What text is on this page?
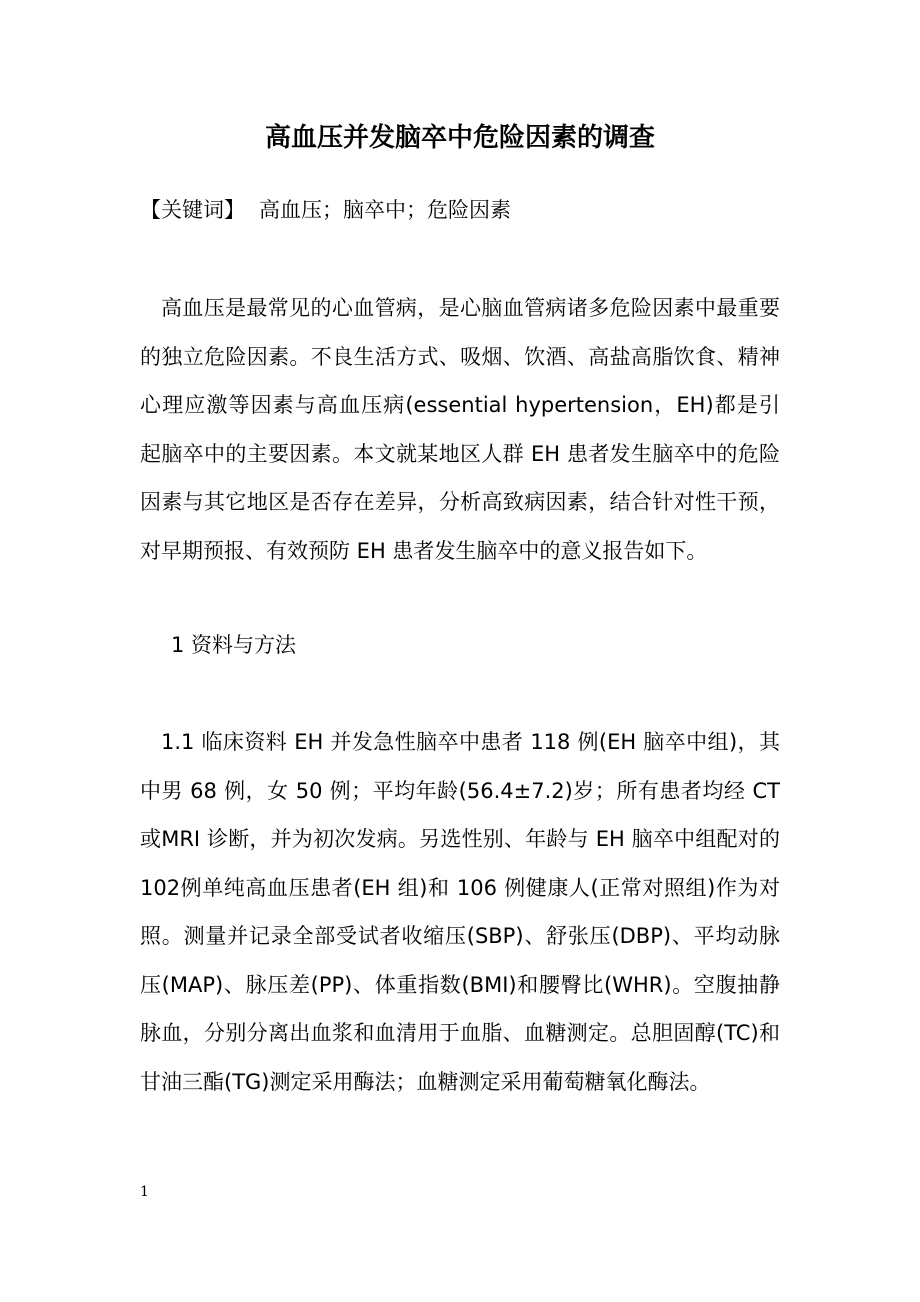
高血压并发脑卒中危险因素的调查
【关键词】 高血压；脑卒中；危险因素

高血压是最常见的心血管病，是心脑血管病诸多危险因素中最重要的独立危险因素。不良生活方式、吸烟、饮酒、高盐高脂饮食、精神心理应激等因素与高血压病(essential hypertension，EH)都是引起脑卒中的主要因素。本文就某地区人群 EH 患者发生脑卒中的危险因素与其它地区是否存在差异，分析高致病因素，结合针对性干预，对早期预报、有效预防 EH 患者发生脑卒中的意义报告如下。

1 资料与方法

1.1 临床资料 EH 并发急性脑卒中患者 118 例(EH 脑卒中组)，其中男 68 例，女 50 例；平均年龄(56.4±7.2)岁；所有患者均经 CT 或MRI 诊断，并为初次发病。另选性别、年龄与 EH 脑卒中组配对的 102例单纯高血压患者(EH 组)和 106 例健康人(正常对照组)作为对照。测量并记录全部受试者收缩压(SBP)、舒张压(DBP)、平均动脉压(MAP)、脉压差(PP)、体重指数(BMI)和腰臀比(WHR)。空腹抽静脉血，分别分离出血浆和血清用于血脂、血糖测定。总胆固醇(TC)和甘油三酯(TG)测定采用酶法；血糖测定采用葡萄糖氧化酶法。

1
